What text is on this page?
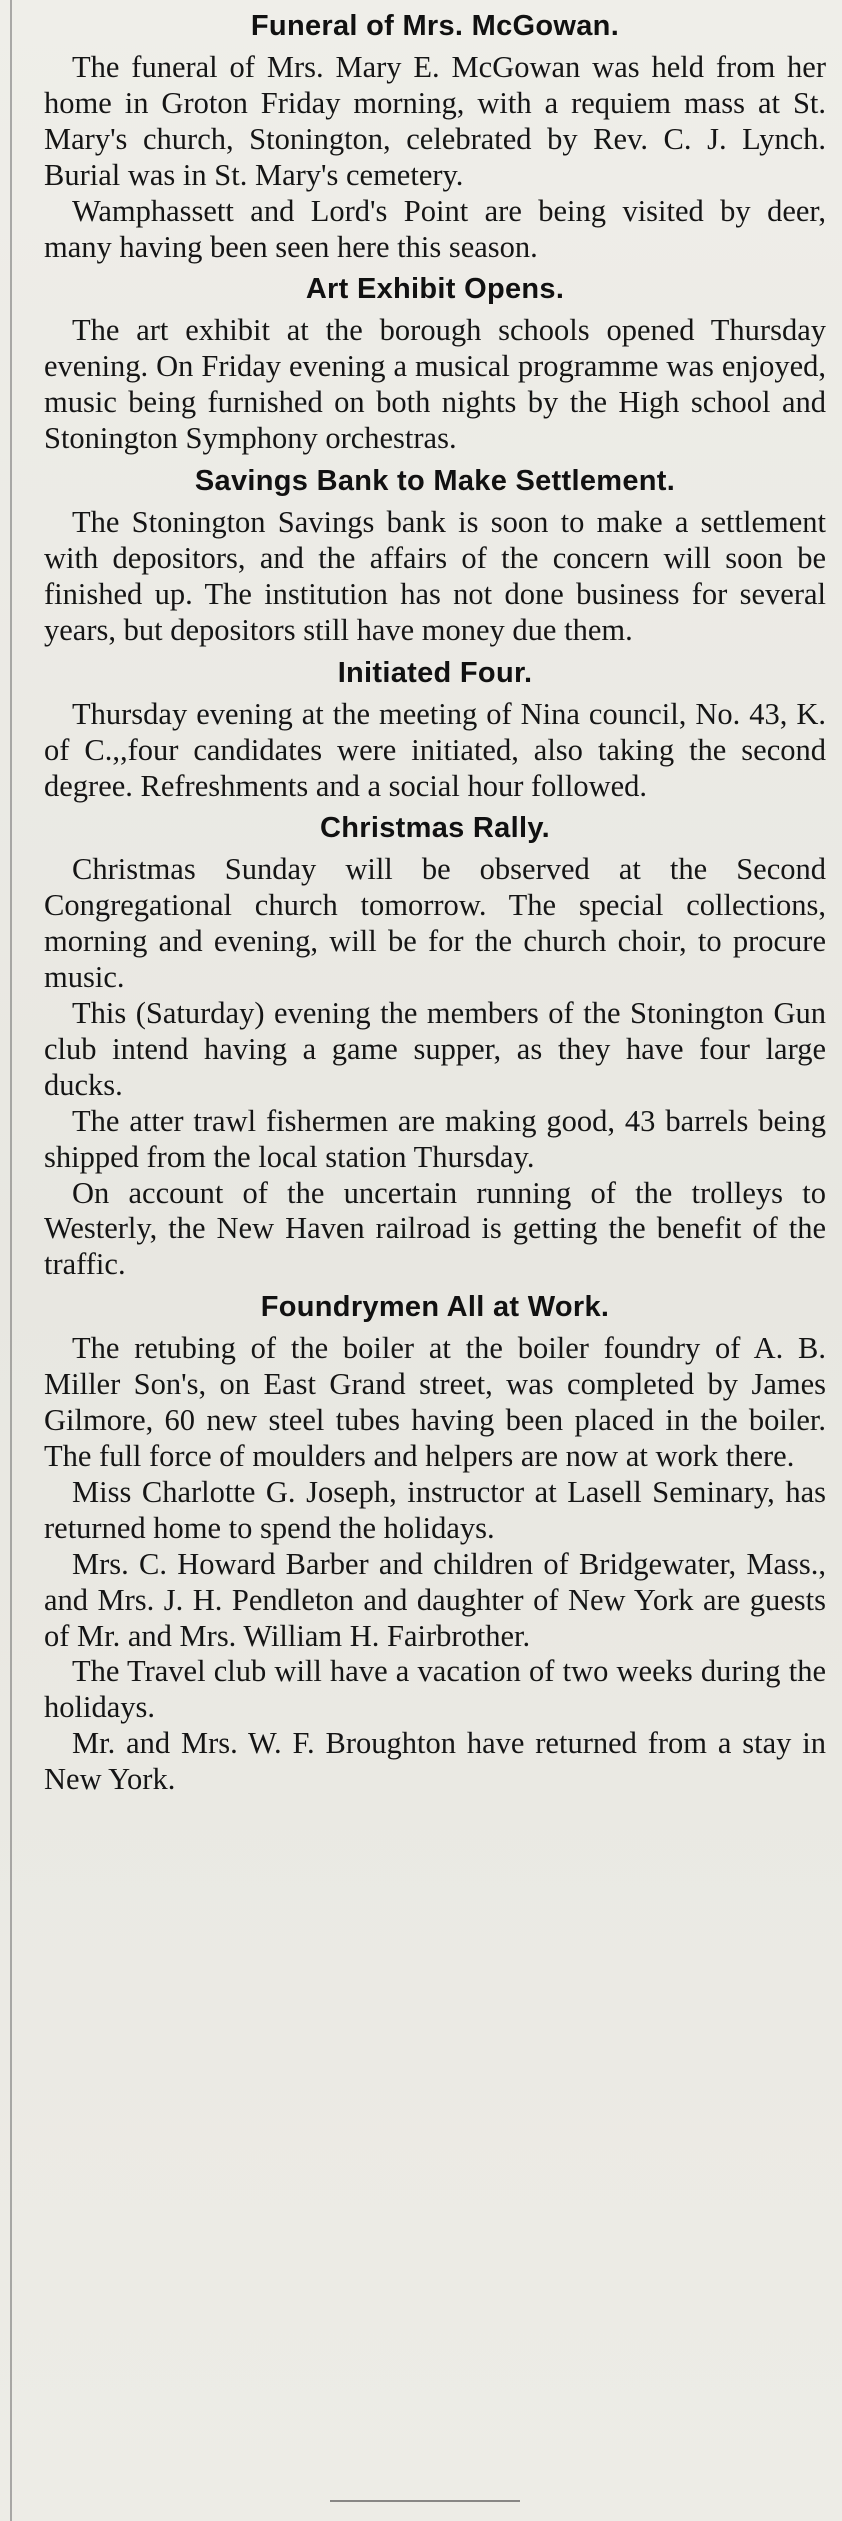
Funeral of Mrs. McGowan.

The funeral of Mrs. Mary E. McGowan was held from her home in Groton Friday morning, with a requiem mass at St. Mary's church, Stonington, celebrated by Rev. C. J. Lynch. Burial was in St. Mary's cemetery.

Wamphassett and Lord's Point are being visited by deer, many having been seen here this season.

Art Exhibit Opens.

The art exhibit at the borough schools opened Thursday evening. On Friday evening a musical programme was enjoyed, music being furnished on both nights by the High school and Stonington Symphony orchestras.

Savings Bank to Make Settlement.

The Stonington Savings bank is soon to make a settlement with depositors, and the affairs of the concern will soon be finished up. The institution has not done business for several years, but depositors still have money due them.

Initiated Four.

Thursday evening at the meeting of Nina council, No. 43, K. of C.,,four candidates were initiated, also taking the second degree. Refreshments and a social hour followed.

Christmas Rally.

Christmas Sunday will be observed at the Second Congregational church tomorrow. The special collections, morning and evening, will be for the church choir, to procure music.

This (Saturday) evening the members of the Stonington Gun club intend having a game supper, as they have four large ducks.

The atter trawl fishermen are making good, 43 barrels being shipped from the local station Thursday.

On account of the uncertain running of the trolleys to Westerly, the New Haven railroad is getting the benefit of the traffic.

Foundrymen All at Work.

The retubing of the boiler at the boiler foundry of A. B. Miller Son's, on East Grand street, was completed by James Gilmore, 60 new steel tubes having been placed in the boiler. The full force of moulders and helpers are now at work there.

Miss Charlotte G. Joseph, instructor at Lasell Seminary, has returned home to spend the holidays.

Mrs. C. Howard Barber and children of Bridgewater, Mass., and Mrs. J. H. Pendleton and daughter of New York are guests of Mr. and Mrs. William H. Fairbrother.

The Travel club will have a vacation of two weeks during the holidays.

Mr. and Mrs. W. F. Broughton have returned from a stay in New York.
